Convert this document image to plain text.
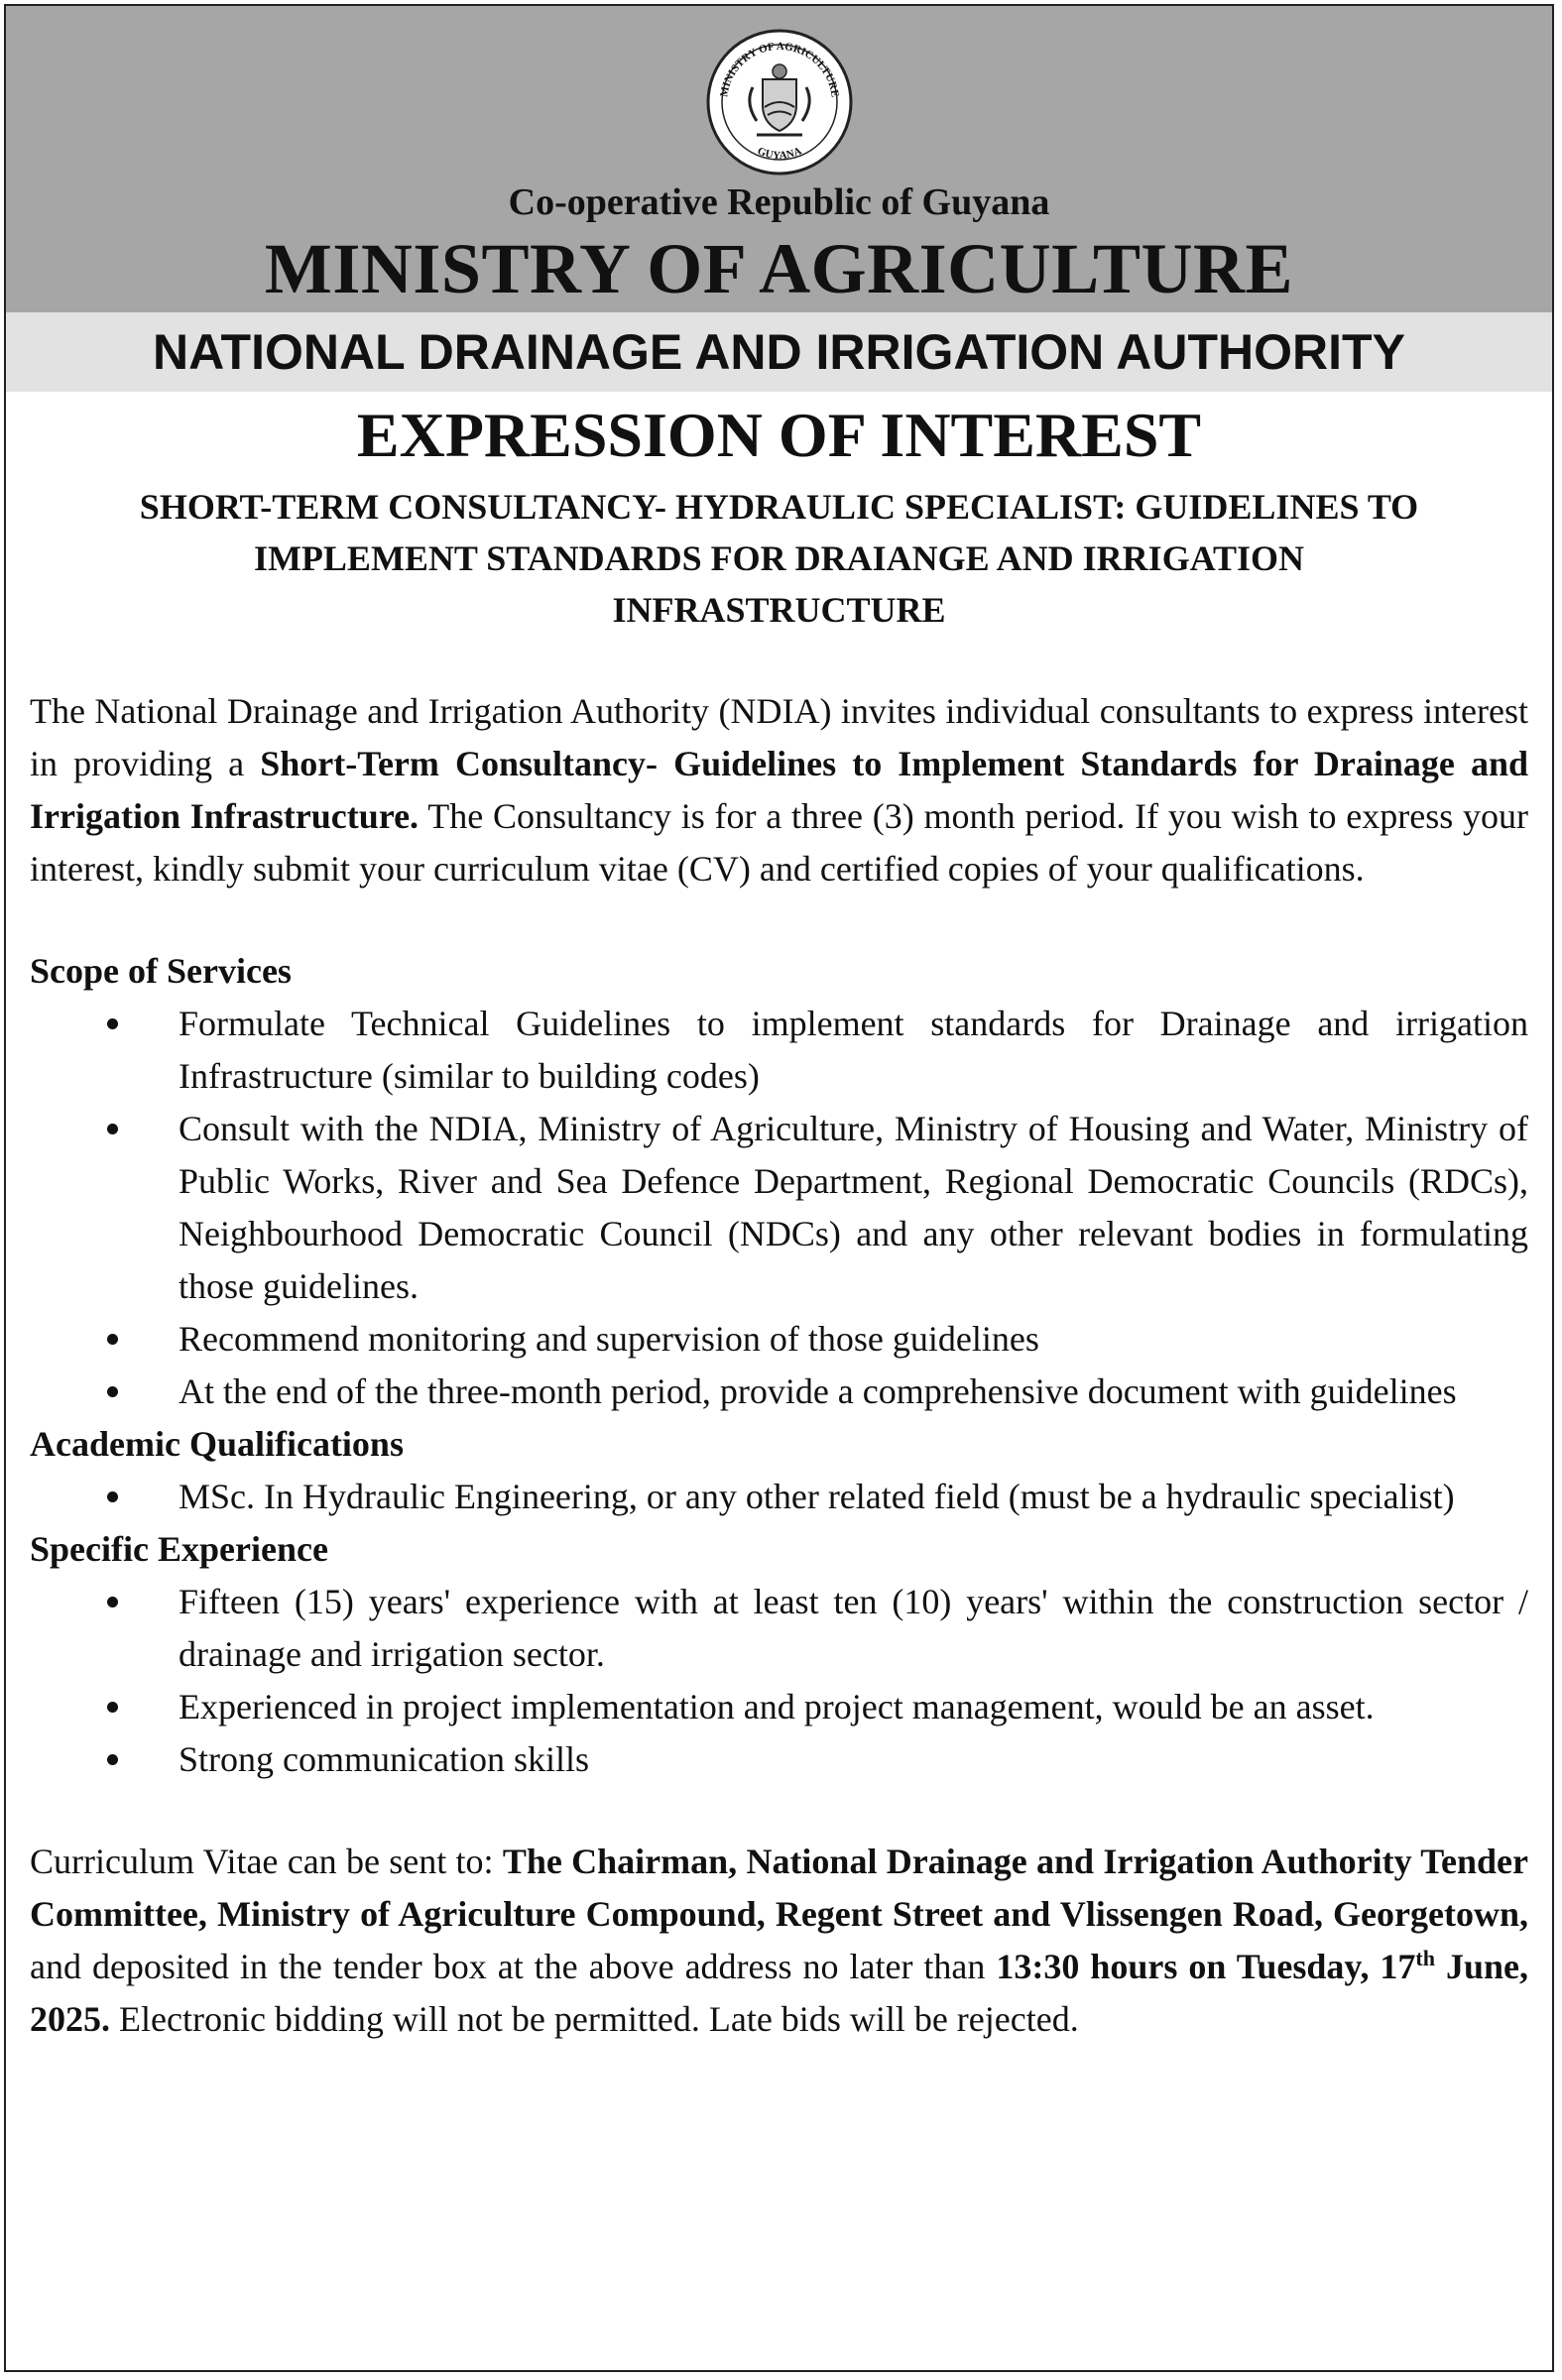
MINISTRY OF AGRICULTURE
GUYANA
Co-operative Republic of Guyana
MINISTRY OF AGRICULTURE
NATIONAL DRAINAGE AND IRRIGATION AUTHORITY
EXPRESSION OF INTEREST
SHORT-TERM CONSULTANCY- HYDRAULIC SPECIALIST: GUIDELINES TO
IMPLEMENT STANDARDS FOR DRAIANGE AND IRRIGATION
INFRASTRUCTURE

The National Drainage and Irrigation Authority (NDIA) invites individual consultants to express interest in providing a Short-Term Consultancy- Guidelines to Implement Standards for Drainage and Irrigation Infrastructure. The Consultancy is for a three (3) month period. If you wish to express your interest, kindly submit your curriculum vitae (CV) and certified copies of your qualifications.

Scope of Services
Formulate Technical Guidelines to implement standards for Drainage and irrigation Infrastructure (similar to building codes)
Consult with the NDIA, Ministry of Agriculture, Ministry of Housing and Water, Ministry of Public Works, River and Sea Defence Department, Regional Democratic Councils (RDCs), Neighbourhood Democratic Council (NDCs) and any other relevant bodies in formulating those guidelines.
Recommend monitoring and supervision of those guidelines
At the end of the three-month period, provide a comprehensive document with guidelines
Academic Qualifications
MSc. In Hydraulic Engineering, or any other related field (must be a hydraulic specialist)
Specific Experience
Fifteen (15) years' experience with at least ten (10) years' within the construction sector / drainage and irrigation sector.
Experienced in project implementation and project management, would be an asset.
Strong communication skills

Curriculum Vitae can be sent to: The Chairman, National Drainage and Irrigation Authority Tender Committee, Ministry of Agriculture Compound, Regent Street and Vlissengen Road, Georgetown, and deposited in the tender box at the above address no later than 13:30 hours on Tuesday, 17th June, 2025. Electronic bidding will not be permitted. Late bids will be rejected.
